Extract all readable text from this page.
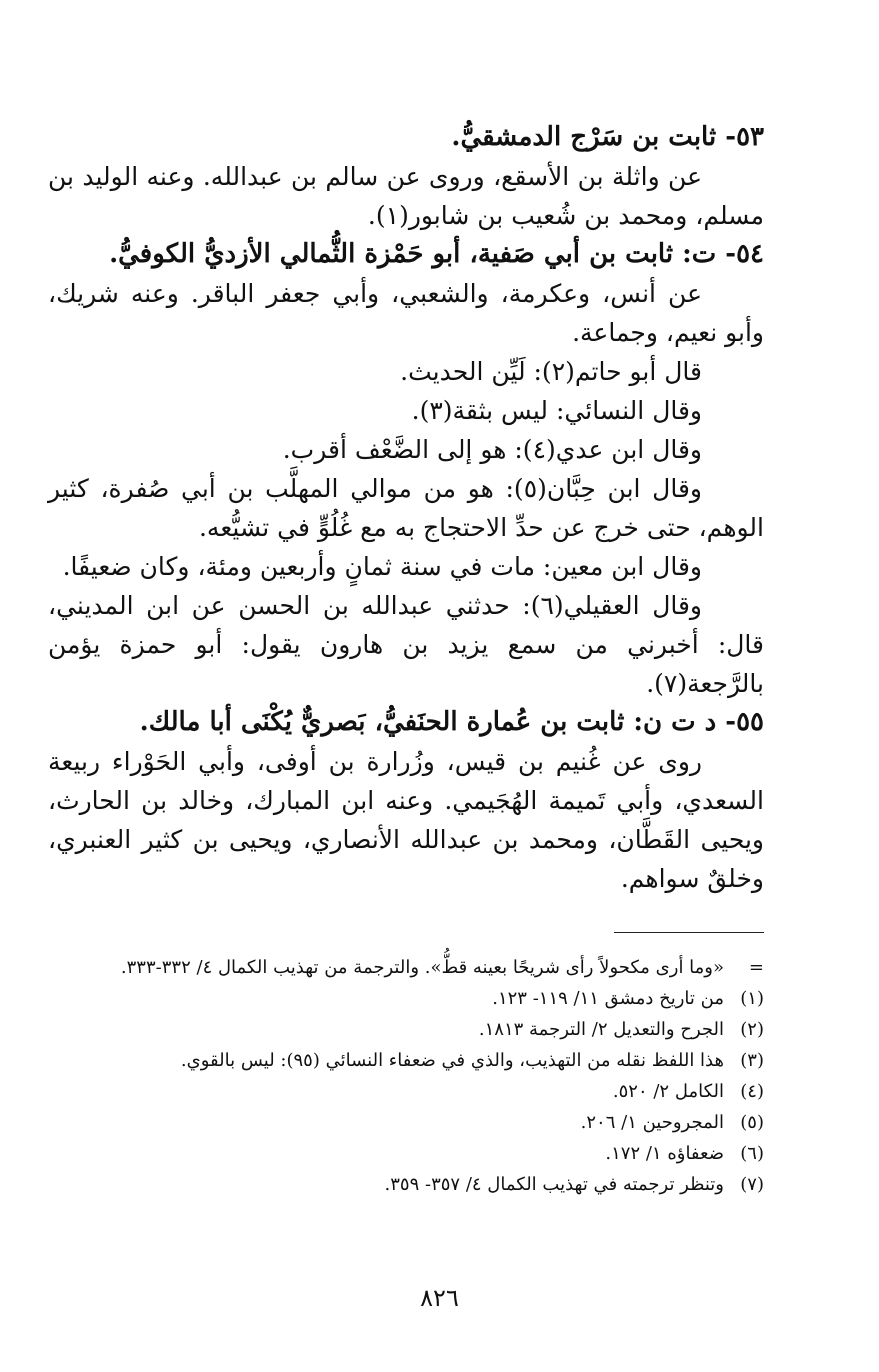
٥٣- ثابت بن سَرْج الدمشقيُّ.

عن واثلة بن الأسقع، وروى عن سالم بن عبدالله. وعنه الوليد بن مسلم، ومحمد بن شُعيب بن شابور(١).

٥٤- ت: ثابت بن أبي صَفية، أبو حَمْزة الثُّمالي الأزديُّ الكوفيُّ.

عن أنس، وعكرمة، والشعبي، وأبي جعفر الباقر. وعنه شريك، وأبو نعيم، وجماعة.

قال أبو حاتم(٢): لَيِّن الحديث.

وقال النسائي: ليس بثقة(٣).

وقال ابن عدي(٤): هو إلى الضَّعْف أقرب.

وقال ابن حِبَّان(٥): هو من موالي المهلَّب بن أبي صُفرة، كثير الوهم، حتى خرج عن حدِّ الاحتجاج به مع غُلُوٍّ في تشيُّعه.

وقال ابن معين: مات في سنة ثمانٍ وأربعين ومئة، وكان ضعيفًا.

وقال العقيلي(٦): حدثني عبدالله بن الحسن عن ابن المديني، قال: أخبرني من سمع يزيد بن هارون يقول: أبو حمزة يؤمن بالرَّجعة(٧).

٥٥- د ت ن: ثابت بن عُمارة الحنَفيُّ، بَصريٌّ يُكْنَى أبا مالك.

روى عن غُنيم بن قيس، وزُرارة بن أوفى، وأبي الحَوْراء ربيعة السعدي، وأبي تَميمة الهُجَيمي. وعنه ابن المبارك، وخالد بن الحارث، ويحيى القَطَّان، ومحمد بن عبدالله الأنصاري، ويحيى بن كثير العنبري، وخلقٌ سواهم.

=
«وما أرى مكحولاً رأى شريحًا بعينه قطُّ». والترجمة من تهذيب الكمال ٤/ ٣٣٢-٣٣٣.
(١)
من تاريخ دمشق ١١/ ١١٩- ١٢٣.
(٢)
الجرح والتعديل ٢/ الترجمة ١٨١٣.
(٣)
هذا اللفظ نقله من التهذيب، والذي في ضعفاء النسائي (٩٥): ليس بالقوي.
(٤)
الكامل ٢/ ٥٢٠.
(٥)
المجروحين ١/ ٢٠٦.
(٦)
ضعفاؤه ١/ ١٧٢.
(٧)
وتنظر ترجمته في تهذيب الكمال ٤/ ٣٥٧- ٣٥٩.
٨٢٦
